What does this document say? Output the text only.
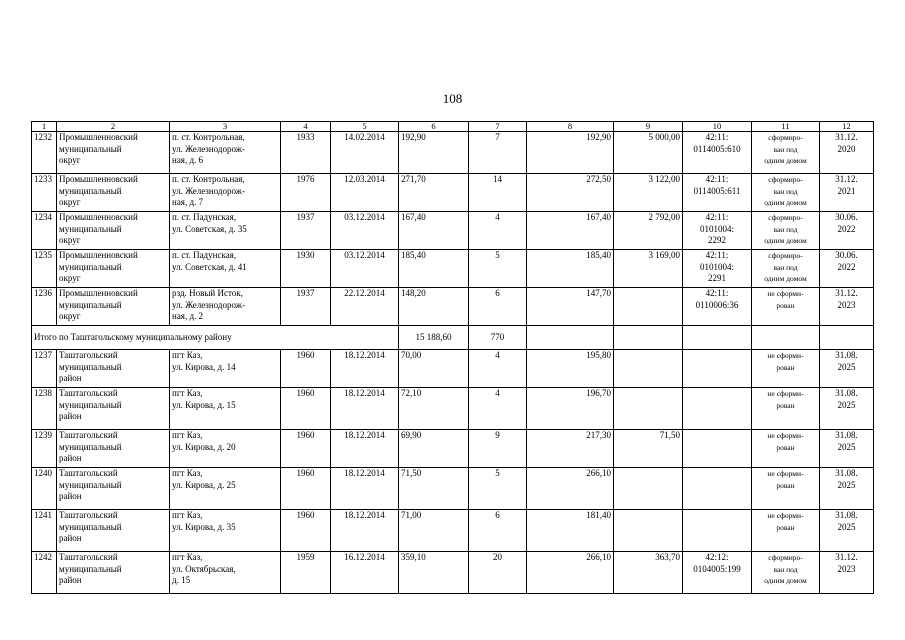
108
1	2	3	4	5	6	7	8	9	10	11	12
1232	Промышленновский
муниципальный
округ	п. ст. Контрольная,
ул. Железнодорож-
ная, д. 6	1933	14.02.2014	192,90	7	192,90	5 000,00	42:11:
0114005:610	сформиро-
ван под
одним домом	31.12.
2020
1233	Промышленновский
муниципальный
округ	п. ст. Контрольная,
ул. Железнодорож-
ная, д. 7	1976	12.03.2014	271,70	14	272,50	3 122,00	42:11:
0114005:611	сформиро-
ван под
одним домом	31.12.
2021
1234	Промышленновский
муниципальный
округ	п. ст. Падунская,
ул. Советская, д. 35	1937	03.12.2014	167,40	4	167,40	2 792,00	42:11:
0101004:
2292	сформиро-
ван под
одним домом	30.06.
2022
1235	Промышленновский
муниципальный
округ	п. ст. Падунская,
ул. Советская, д. 41	1930	03.12.2014	185,40	5	185,40	3 169,00	42:11:
0101004:
2291	сформиро-
ван под
одним домом	30.06.
2022
1236	Промышленновский
муниципальный
округ	рзд. Новый Исток,
ул. Железнодорож-
ная, д. 2	1937	22.12.2014	148,20	6	147,70		42:11:
0110006:36	не сформи-
рован	31.12.
2023
Итого по Таштагольскому муниципальному району					15 188,60	770					
1237	Таштагольский
муниципальный
район	пгт Каз,
ул. Кирова, д. 14	1960	18.12.2014	70,00	4	195,80			не сформи-
рован	31.08.
2025
1238	Таштагольский
муниципальный
район	пгт Каз,
ул. Кирова, д. 15	1960	18.12.2014	72,10	4	196,70			не сформи-
рован	31.08.
2025
1239	Таштагольский
муниципальный
район	пгт Каз,
ул. Кирова, д. 20	1960	18.12.2014	69,90	9	217,30	71,50		не сформи-
рован	31.08.
2025
1240	Таштагольский
муниципальный
район	пгт Каз,
ул. Кирова, д. 25	1960	18.12.2014	71,50	5	266,10			не сформи-
рован	31.08.
2025
1241	Таштагольский
муниципальный
район	пгт Каз,
ул. Кирова, д. 35	1960	18.12.2014	71,00	6	181,40			не сформи-
рован	31.08.
2025
1242	Таштагольский
муниципальный
район	пгт Каз,
ул. Октябрьская,
д. 15	1959	16.12.2014	359,10	20	266,10	363,70	42:12:
0104005:199	сформиро-
ван под
одним домом	31.12.
2023
